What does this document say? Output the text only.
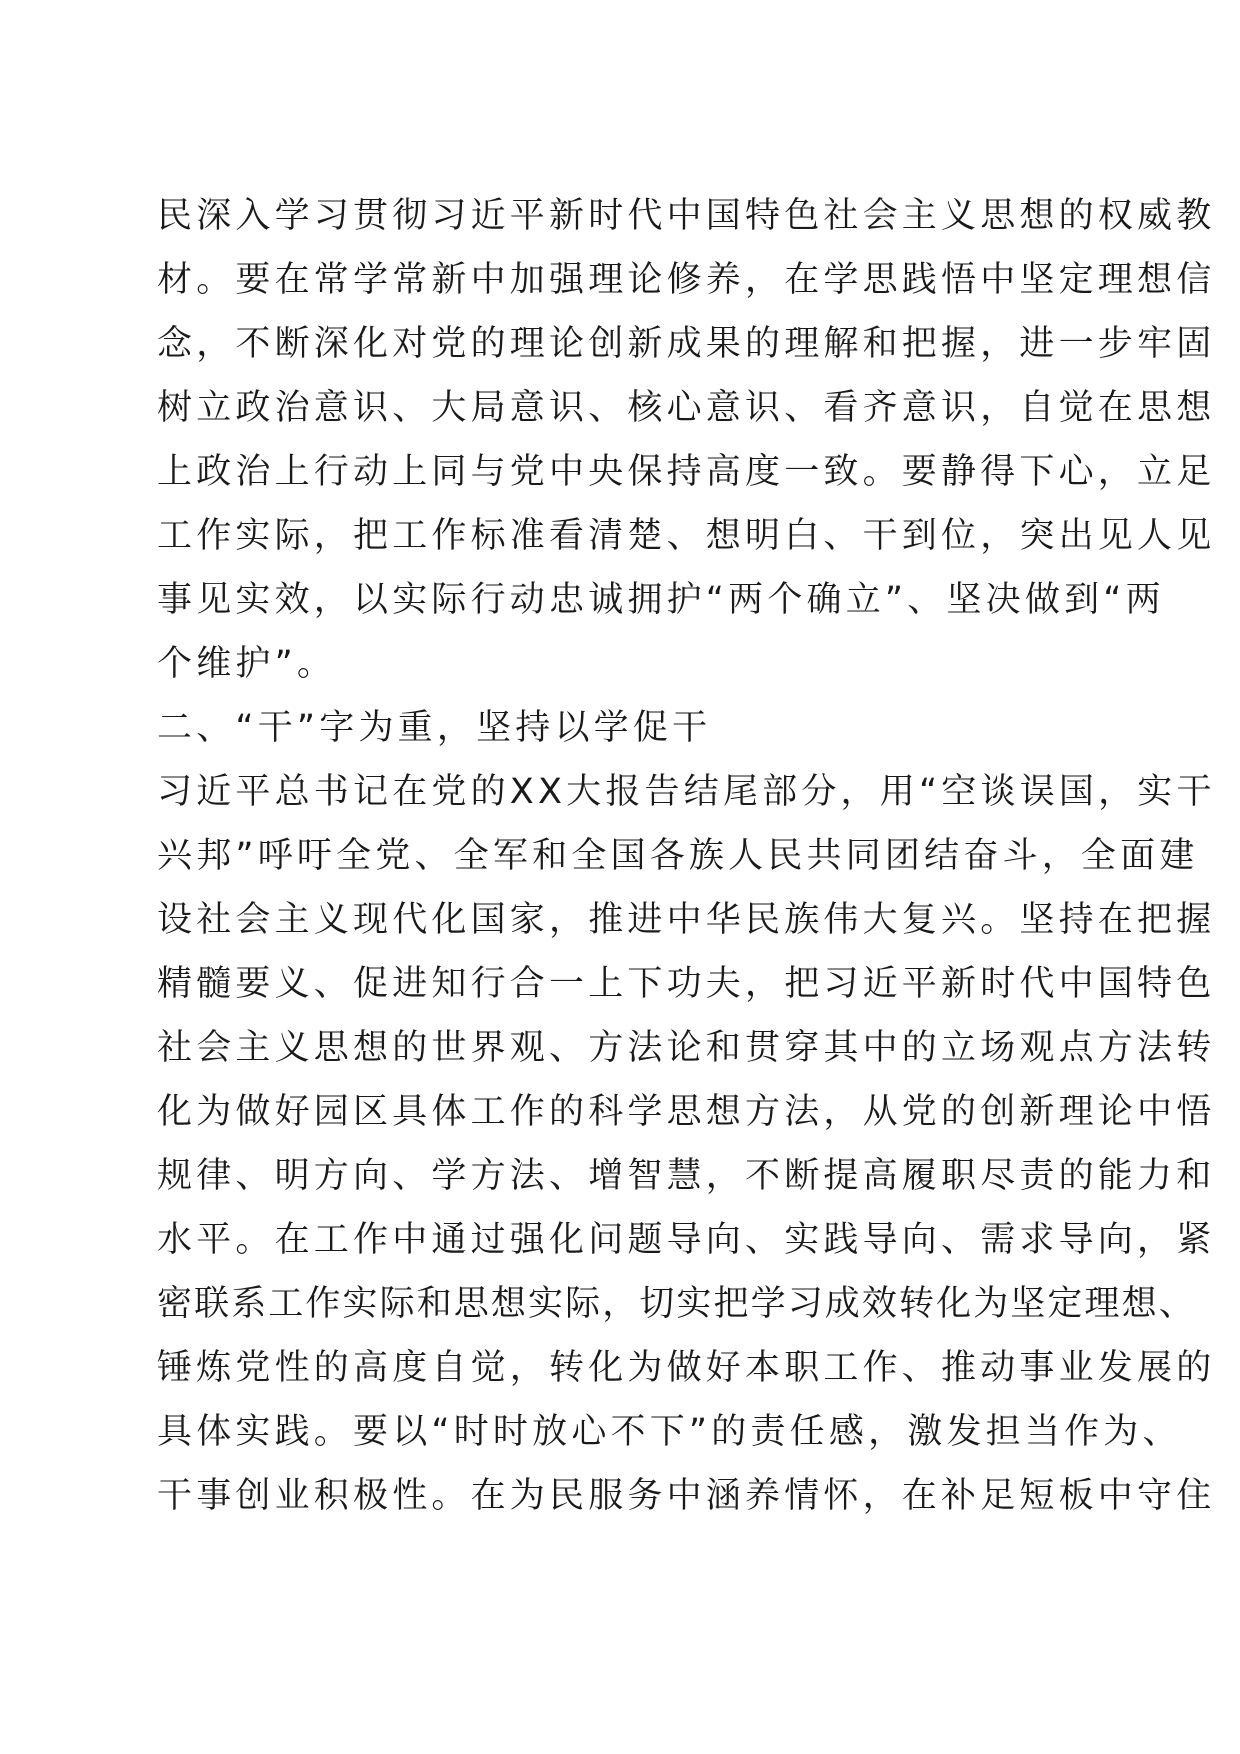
民深入学习贯彻习近平新时代中国特色社会主义思想的权威教
材。要在常学常新中加强理论修养，在学思践悟中坚定理想信
念，不断深化对党的理论创新成果的理解和把握，进一步牢固
树立政治意识、大局意识、核心意识、看齐意识，自觉在思想
上政治上行动上同与党中央保持高度一致。要静得下心，立足
工作实际，把工作标准看清楚、想明白、干到位，突出见人见
事见实效，以实际行动忠诚拥护“两个确立”、坚决做到“两
个维护”。
二、“干”字为重，坚持以学促干
习近平总书记在党的XX大报告结尾部分，用“空谈误国，实干
兴邦”呼吁全党、全军和全国各族人民共同团结奋斗，全面建
设社会主义现代化国家，推进中华民族伟大复兴。坚持在把握
精髓要义、促进知行合一上下功夫，把习近平新时代中国特色
社会主义思想的世界观、方法论和贯穿其中的立场观点方法转
化为做好园区具体工作的科学思想方法，从党的创新理论中悟
规律、明方向、学方法、增智慧，不断提高履职尽责的能力和
水平。在工作中通过强化问题导向、实践导向、需求导向，紧
密联系工作实际和思想实际，切实把学习成效转化为坚定理想、
锤炼党性的高度自觉，转化为做好本职工作、推动事业发展的
具体实践。要以“时时放心不下”的责任感，激发担当作为、
干事创业积极性。在为民服务中涵养情怀，在补足短板中守住
